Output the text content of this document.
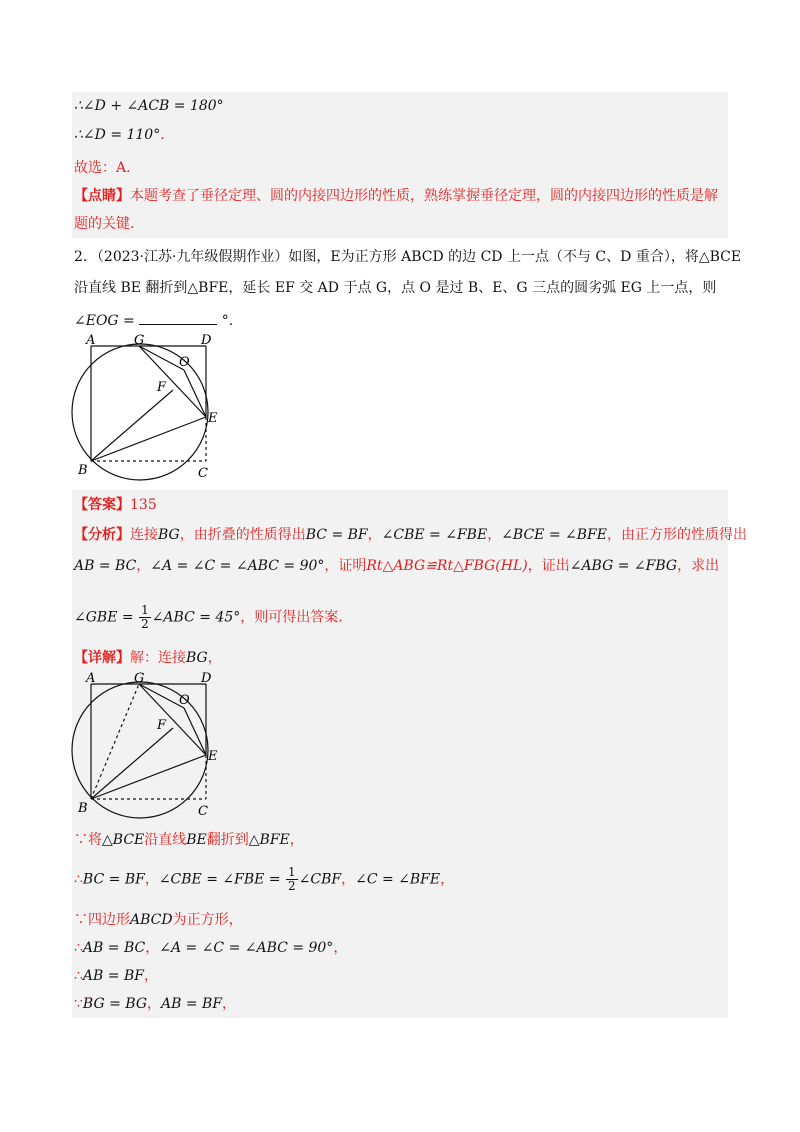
∴∠D + ∠ACB = 180°
∴∠D = 110°.
故选：A.
【点睛】本题考查了垂径定理、圆的内接四边形的性质，熟练掌握垂径定理，圆的内接四边形的性质是解
题的关键.
2．（2023·江苏·九年级假期作业）如图，E为正方形 ABCD 的边 CD 上一点（不与 C、D 重合），将△BCE
沿直线 BE 翻折到△BFE，延长 EF 交 AD 于点 G，点 O 是过 B、E、G 三点的圆劣弧 EG 上一点，则
∠EOG =	°.
A	G	D
O
F
E
B	C
【答案】135
【分析】连接BG，由折叠的性质得出BC = BF，∠CBE = ∠FBE，∠BCE = ∠BFE，由正方形的性质得出
AB = BC，∠A = ∠C = ∠ABC = 90°，证明Rt△ABG≌Rt△FBG(HL)，证出∠ABG = ∠FBG，求出
∠GBE = $\frac{1}{2}$ ∠ABC = 45°，则可得出答案.
【详解】解：连接BG，
A	G	D
O
F
E
B	C
∵将△BCE沿直线BE翻折到△BFE，
∴BC = BF，∠CBE = ∠FBE = $\frac{1}{2}$ ∠CBF，∠C = ∠BFE，
∵四边形ABCD为正方形，
∴AB = BC，∠A = ∠C = ∠ABC = 90°，
∴AB = BF，
∵BG = BG，AB = BF，
